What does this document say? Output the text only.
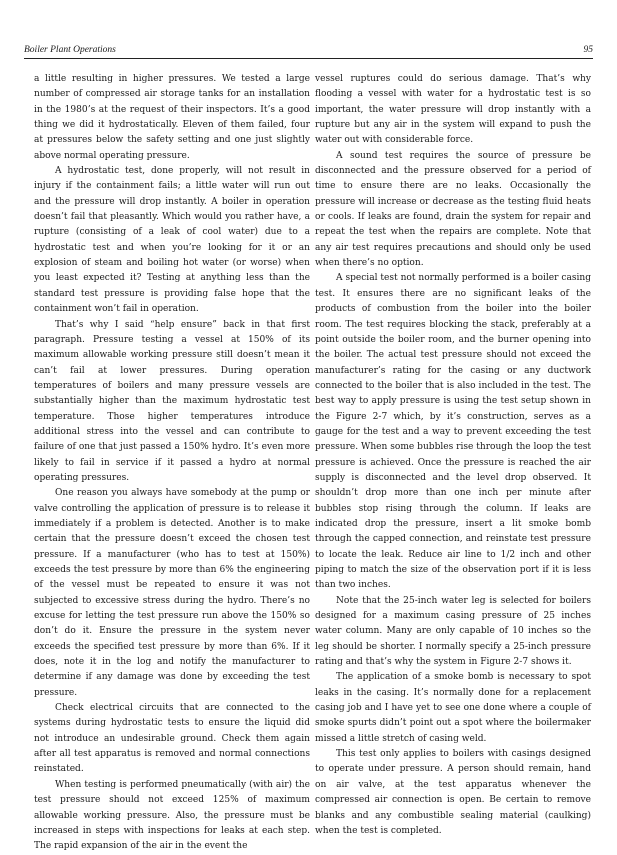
Boiler Plant Operations	95

a little resulting in higher pressures. We tested a large number of compressed air storage tanks for an installation in the 1980’s at the request of their inspectors. It’s a good thing we did it hydrostatically. Eleven of them failed, four at pressures below the safety setting and one just slightly above normal operating pressure.

A hydrostatic test, done properly, will not result in injury if the containment fails; a little water will run out and the pressure will drop instantly. A boiler in operation doesn’t fail that pleasantly. Which would you rather have, a rupture (consisting of a leak of cool water) due to a hydrostatic test and when you’re looking for it or an explosion of steam and boiling hot water (or worse) when you least expected it? Testing at anything less than the standard test pressure is providing false hope that the containment won’t fail in operation.

That’s why I said “help ensure” back in that first paragraph. Pressure testing a vessel at 150% of its maximum allowable working pressure still doesn’t mean it can’t fail at lower pressures. During operation temperatures of boilers and many pressure vessels are substantially higher than the maximum hydrostatic test temperature. Those higher temperatures introduce additional stress into the vessel and can contribute to failure of one that just passed a 150% hydro. It’s even more likely to fail in service if it passed a hydro at normal operating pressures.

One reason you always have somebody at the pump or valve controlling the application of pressure is to release it immediately if a problem is detected. Another is to make certain that the pressure doesn’t exceed the chosen test pressure. If a manufacturer (who has to test at 150%) exceeds the test pressure by more than 6% the engineering of the vessel must be repeated to ensure it was not subjected to excessive stress during the hydro. There’s no excuse for letting the test pressure run above the 150% so don’t do it. Ensure the pressure in the system never exceeds the specified test pressure by more than 6%. If it does, note it in the log and notify the manufacturer to determine if any damage was done by exceeding the test pressure.

Check electrical circuits that are connected to the systems during hydrostatic tests to ensure the liquid did not introduce an undesirable ground. Check them again after all test apparatus is removed and normal connections reinstated.

When testing is performed pneumatically (with air) the test pressure should not exceed 125% of maximum allowable working pressure. Also, the pressure must be increased in steps with inspections for leaks at each step. The rapid expansion of the air in the event the

vessel ruptures could do serious damage. That’s why flooding a vessel with water for a hydrostatic test is so important, the water pressure will drop instantly with a rupture but any air in the system will expand to push the water out with considerable force.

A sound test requires the source of pressure be disconnected and the pressure observed for a period of time to ensure there are no leaks. Occasionally the pressure will increase or decrease as the testing fluid heats or cools. If leaks are found, drain the system for repair and repeat the test when the repairs are complete. Note that any air test requires precautions and should only be used when there’s no option.

A special test not normally performed is a boiler casing test. It ensures there are no significant leaks of the products of combustion from the boiler into the boiler room. The test requires blocking the stack, preferably at a point outside the boiler room, and the burner opening into the boiler. The actual test pressure should not exceed the manufacturer’s rating for the casing or any ductwork connected to the boiler that is also included in the test. The best way to apply pressure is using the test setup shown in the Figure 2-7 which, by it’s construction, serves as a gauge for the test and a way to prevent exceeding the test pressure. When some bubbles rise through the loop the test pressure is achieved. Once the pressure is reached the air supply is disconnected and the level drop observed. It shouldn’t drop more than one inch per minute after bubbles stop rising through the column. If leaks are indicated drop the pressure, insert a lit smoke bomb through the capped connection, and reinstate test pressure to locate the leak. Reduce air line to 1/2 inch and other piping to match the size of the observation port if it is less than two inches.

Note that the 25-inch water leg is selected for boilers designed for a maximum casing pressure of 25 inches water column. Many are only capable of 10 inches so the leg should be shorter. I normally specify a 25-inch pressure rating and that’s why the system in Figure 2-7 shows it.

The application of a smoke bomb is necessary to spot leaks in the casing. It’s normally done for a replacement casing job and I have yet to see one done where a couple of smoke spurts didn’t point out a spot where the boilermaker missed a little stretch of casing weld.

This test only applies to boilers with casings designed to operate under pressure. A person should remain, hand on air valve, at the test apparatus whenever the compressed air connection is open. Be certain to remove blanks and any combustible sealing material (caulking) when the test is completed.
